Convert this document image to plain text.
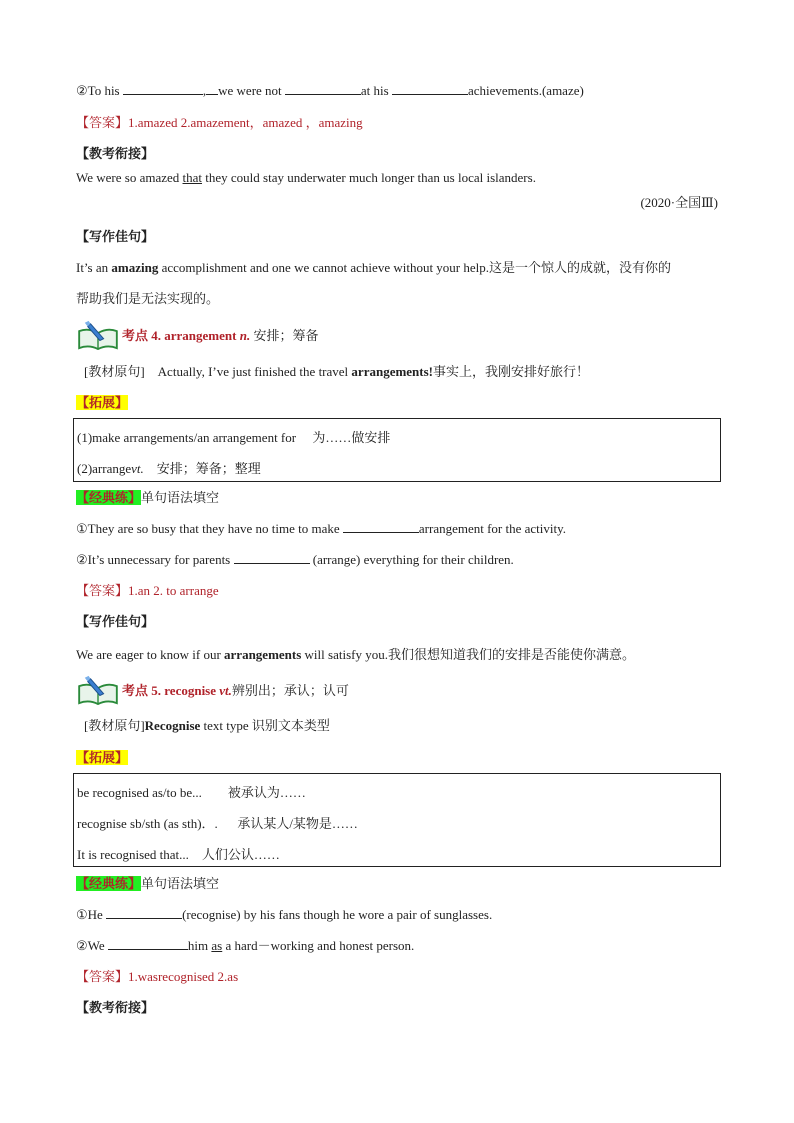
②To his	, we were not	at his	achievements.(amaze)
【答案】1.amazed 2.amazement，amazed ，amazing
【教考衔接】
We were so amazed that they could stay underwater much longer than us local islanders.
(2020·全国Ⅲ)
【写作佳句】
It’s an amazing accomplishment and one we cannot achieve without your help.这是一个惊人的成就，没有你的
帮助我们是无法实现的。
考点 4. arrangement n. 安排；筹备
[教材原句] Actually, I’ve just finished the travel arrangements!事实上，我刚安排好旅行！
【拓展】
(1)make arrangements/an arrangement for 为……做安排
(2)arrangevt. 安排；筹备；整理
【经典练】单句语法填空
①They are so busy that they have no time to make	arrangement for the activity.
②It’s unnecessary for parents	(arrange) everything for their children.
【答案】1.an 2. to arrange
【写作佳句】
We are eager to know if our arrangements will satisfy you.我们很想知道我们的安排是否能使你满意。
考点 5. recognise vt.辨别出；承认；认可
[教材原句]Recognise text type 识别文本类型
【拓展】
be recognised as/to be... 被承认为……
recognise sb/sth (as sth)．. 承认某人/某物是……
It is recognised that... 人们公认……
【经典练】单句语法填空
①He	(recognise) by his fans though he wore a pair of sunglasses.
②We	him as a hard－working and honest person.
【答案】1.wasrecognised 2.as
【教考衔接】
